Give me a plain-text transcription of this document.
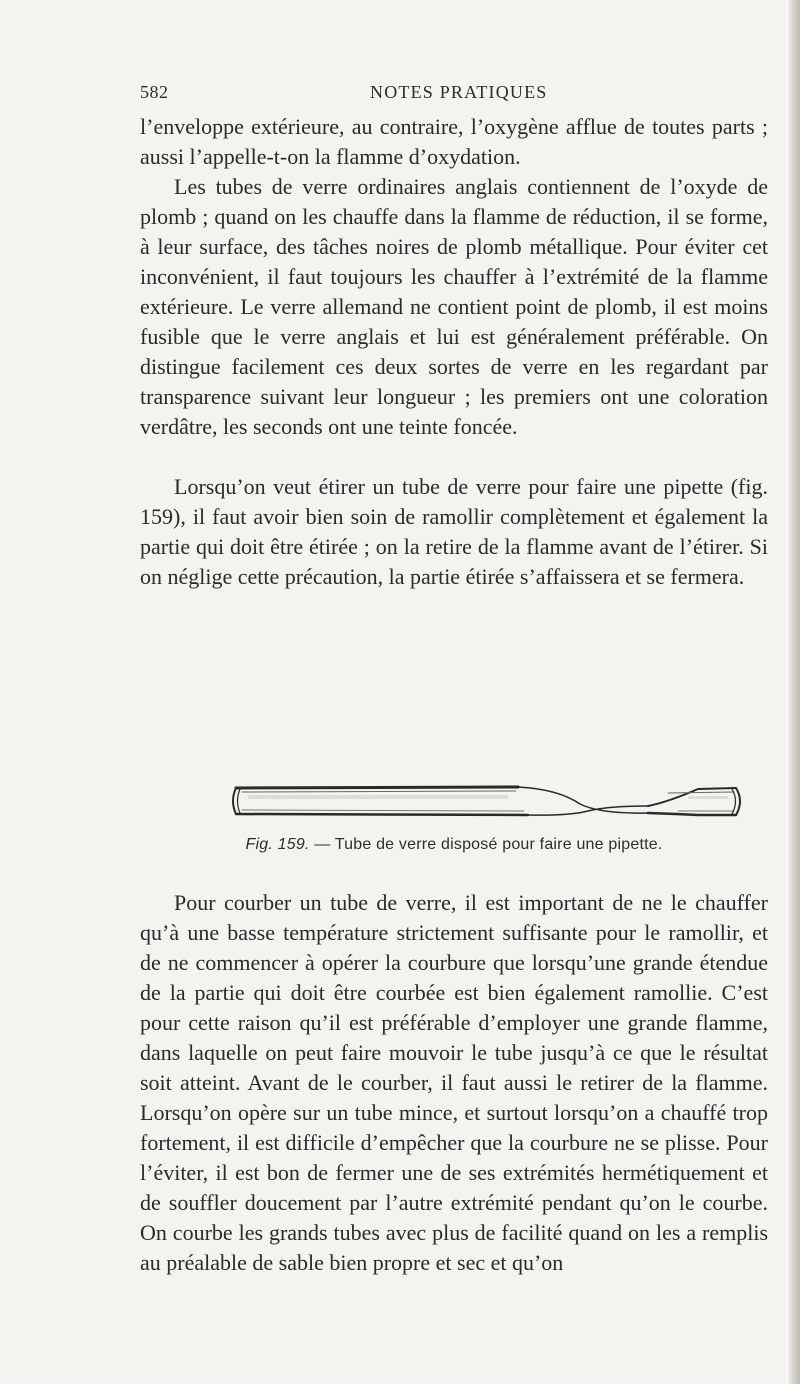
582	NOTES PRATIQUES

l’enveloppe extérieure, au contraire, l’oxygène afflue de toutes parts ; aussi l’appelle-t-on la flamme d’oxydation.

Les tubes de verre ordinaires anglais contiennent de l’oxyde de plomb ; quand on les chauffe dans la flamme de réduction, il se forme, à leur surface, des tâches noires de plomb métallique. Pour éviter cet inconvénient, il faut toujours les chauffer à l’extrémité de la flamme extérieure. Le verre allemand ne contient point de plomb, il est moins fusible que le verre anglais et lui est généralement préférable. On distingue facilement ces deux sortes de verre en les regardant par transparence suivant leur longueur ; les premiers ont une coloration verdâtre, les seconds ont une teinte foncée.

Lorsqu’on veut étirer un tube de verre pour faire une pipette (fig. 159), il faut avoir bien soin de ramollir complètement et également la partie qui doit être étirée ; on la retire de la flamme avant de l’étirer. Si on néglige cette précaution, la partie étirée s’affaissera et se fermera.

Fig. 159. — Tube de verre disposé pour faire une pipette.

Pour courber un tube de verre, il est important de ne le chauffer qu’à une basse température strictement suffisante pour le ramollir, et de ne commencer à opérer la courbure que lorsqu’une grande étendue de la partie qui doit être courbée est bien également ramollie. C’est pour cette raison qu’il est préférable d’employer une grande flamme, dans laquelle on peut faire mouvoir le tube jusqu’à ce que le résultat soit atteint. Avant de le courber, il faut aussi le retirer de la flamme. Lorsqu’on opère sur un tube mince, et surtout lorsqu’on a chauffé trop fortement, il est difficile d’empêcher que la courbure ne se plisse. Pour l’éviter, il est bon de fermer une de ses extrémités hermétiquement et de souffler doucement par l’autre extrémité pendant qu’on le courbe. On courbe les grands tubes avec plus de facilité quand on les a remplis au préalable de sable bien propre et sec et qu’on
